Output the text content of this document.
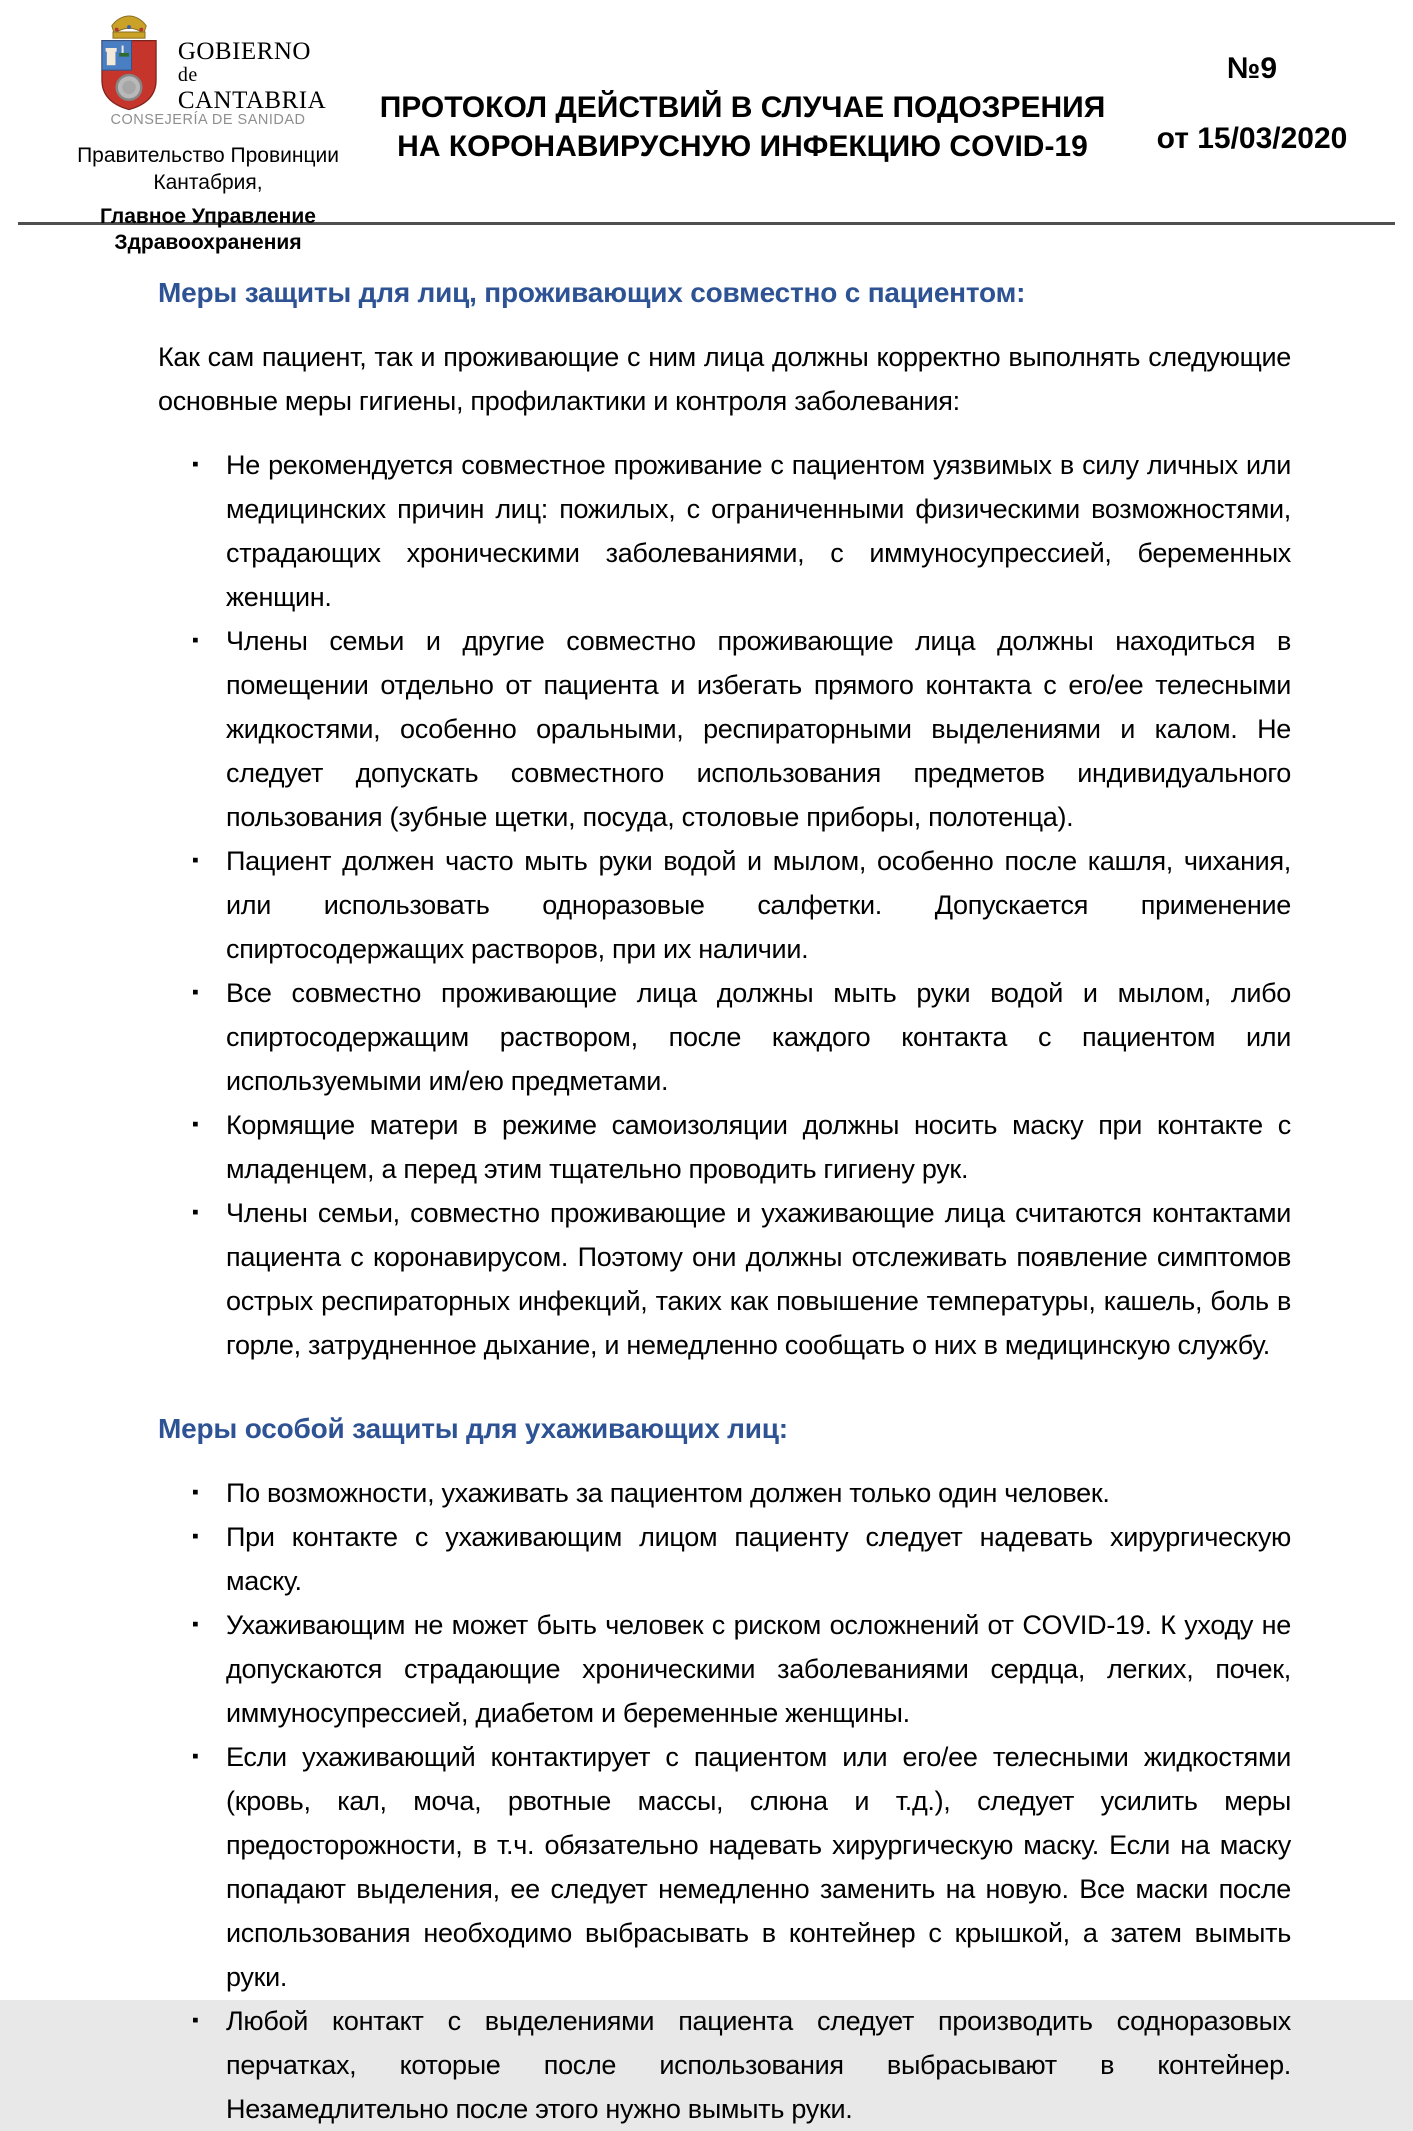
GOBIERNO
de
CANTABRIA
CONSEJERÍA DE SANIDAD
Правительство Провинции Кантабрия,
Главное Управление Здравоохранения
ПРОТОКОЛ ДЕЙСТВИЙ В СЛУЧАЕ ПОДОЗРЕНИЯ НА КОРОНАВИРУСНУЮ ИНФЕКЦИЮ COVID-19
№9
от 15/03/2020
Меры защиты для лиц, проживающих совместно с пациентом:

Как сам пациент, так и проживающие с ним лица должны корректно выполнять следующие основные меры гигиены, профилактики и контроля заболевания:

▪ Не рекомендуется совместное проживание с пациентом уязвимых в силу личных или медицинских причин лиц: пожилых, с ограниченными физическими возможностями, страдающих хроническими заболеваниями, с иммуносупрессией, беременных женщин.
▪ Члены семьи и другие совместно проживающие лица должны находиться в помещении отдельно от пациента и избегать прямого контакта с его/ее телесными жидкостями, особенно оральными, респираторными выделениями и калом. Не следует допускать совместного использования предметов индивидуального пользования (зубные щетки, посуда, столовые приборы, полотенца).
▪ Пациент должен часто мыть руки водой и мылом, особенно после кашля, чихания, или использовать одноразовые салфетки. Допускается применение спиртосодержащих растворов, при их наличии.
▪ Все совместно проживающие лица должны мыть руки водой и мылом, либо спиртосодержащим раствором, после каждого контакта с пациентом или используемыми им/ею предметами.
▪ Кормящие матери в режиме самоизоляции должны носить маску при контакте с младенцем, а перед этим тщательно проводить гигиену рук.
▪ Члены семьи, совместно проживающие и ухаживающие лица считаются контактами пациента с коронавирусом. Поэтому они должны отслеживать появление симптомов острых респираторных инфекций, таких как повышение температуры, кашель, боль в горле, затрудненное дыхание, и немедленно сообщать о них в медицинскую службу.
Меры особой защиты для ухаживающих лиц:
▪ По возможности, ухаживать за пациентом должен только один человек.
▪ При контакте с ухаживающим лицом пациенту следует надевать хирургическую маску.
▪ Ухаживающим не может быть человек с риском осложнений от COVID-19. К уходу не допускаются страдающие хроническими заболеваниями сердца, легких, почек, иммуносупрессией, диабетом и беременные женщины.
▪ Если ухаживающий контактирует с пациентом или его/ее телесными жидкостями (кровь, кал, моча, рвотные массы, слюна и т.д.), следует усилить меры предосторожности, в т.ч. обязательно надевать хирургическую маску. Если на маску попадают выделения, ее следует немедленно заменить на новую. Все маски после использования необходимо выбрасывать в контейнер с крышкой, а затем вымыть руки.
▪ Любой контакт с выделениями пациента следует производить содноразовых перчатках, которые после использования выбрасывают в контейнер. Незамедлительно после этого нужно вымыть руки.
